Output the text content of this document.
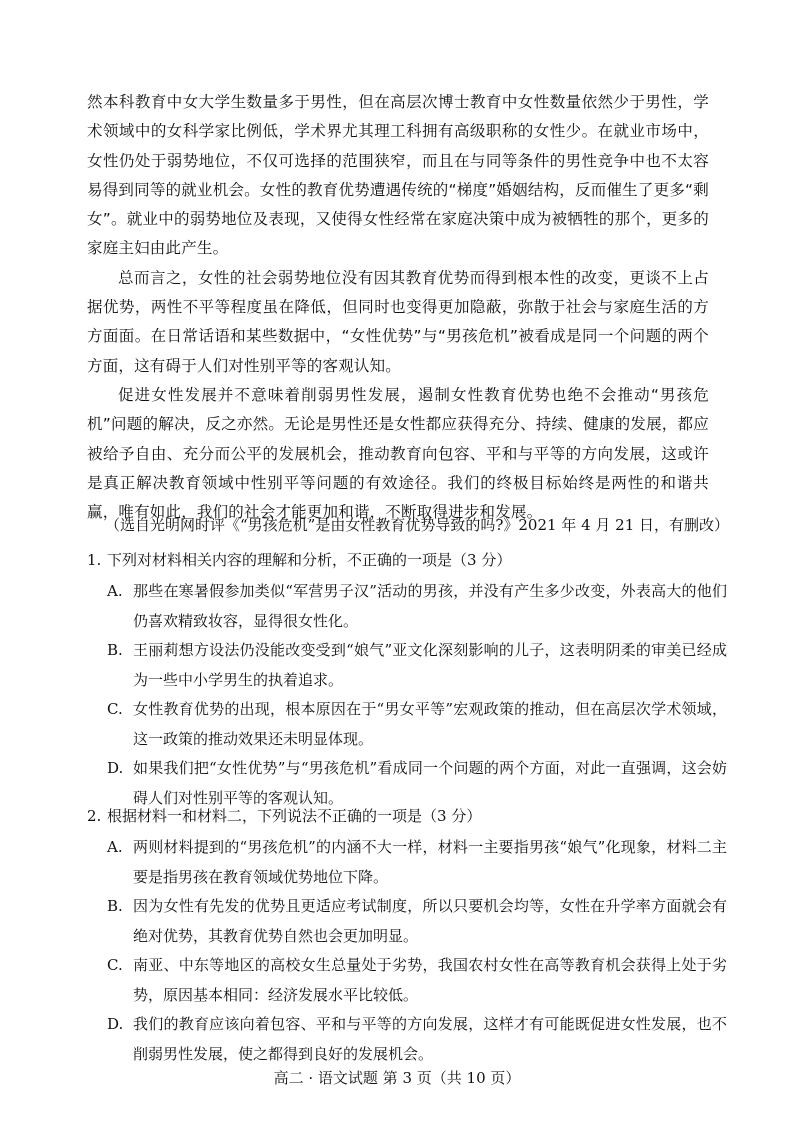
然本科教育中女大学生数量多于男性，但在高层次博士教育中女性数量依然少于男性，学术领域中的女科学家比例低，学术界尤其理工科拥有高级职称的女性少。在就业市场中，女性仍处于弱势地位，不仅可选择的范围狭窄，而且在与同等条件的男性竞争中也不太容易得到同等的就业机会。女性的教育优势遭遇传统的“梯度”婚姻结构，反而催生了更多“剩女”。就业中的弱势地位及表现，又使得女性经常在家庭决策中成为被牺牲的那个，更多的家庭主妇由此产生。

总而言之，女性的社会弱势地位没有因其教育优势而得到根本性的改变，更谈不上占据优势，两性不平等程度虽在降低，但同时也变得更加隐蔽，弥散于社会与家庭生活的方方面面。在日常话语和某些数据中，“女性优势”与“男孩危机”被看成是同一个问题的两个方面，这有碍于人们对性别平等的客观认知。

促进女性发展并不意味着削弱男性发展，遏制女性教育优势也绝不会推动“男孩危机”问题的解决，反之亦然。无论是男性还是女性都应获得充分、持续、健康的发展，都应被给予自由、充分而公平的发展机会，推动教育向包容、平和与平等的方向发展，这或许是真正解决教育领域中性别平等问题的有效途径。我们的终极目标始终是两性的和谐共赢，唯有如此，我们的社会才能更加和谐，不断取得进步和发展。

（选自光明网时评《“男孩危机”是由女性教育优势导致的吗?》2021 年 4 月 21 日，有删改）
1. 下列对材料相关内容的理解和分析，不正确的一项是（3 分）
A. 那些在寒暑假参加类似“军营男子汉”活动的男孩，并没有产生多少改变，外表高大的他们仍喜欢精致妆容，显得很女性化。
B. 王丽莉想方设法仍没能改变受到“娘气”亚文化深刻影响的儿子，这表明阴柔的审美已经成为一些中小学男生的执着追求。
C. 女性教育优势的出现，根本原因在于“男女平等”宏观政策的推动，但在高层次学术领域，这一政策的推动效果还未明显体现。
D. 如果我们把“女性优势”与“男孩危机”看成同一个问题的两个方面，对此一直强调，这会妨碍人们对性别平等的客观认知。
2. 根据材料一和材料二，下列说法不正确的一项是（3 分）
A. 两则材料提到的“男孩危机”的内涵不大一样，材料一主要指男孩“娘气”化现象，材料二主要是指男孩在教育领域优势地位下降。
B. 因为女性有先发的优势且更适应考试制度，所以只要机会均等，女性在升学率方面就会有绝对优势，其教育优势自然也会更加明显。
C. 南亚、中东等地区的高校女生总量处于劣势，我国农村女性在高等教育机会获得上处于劣势，原因基本相同：经济发展水平比较低。
D. 我们的教育应该向着包容、平和与平等的方向发展，这样才有可能既促进女性发展，也不削弱男性发展，使之都得到良好的发展机会。
高二 · 语文试题 第 3 页（共 10 页）
